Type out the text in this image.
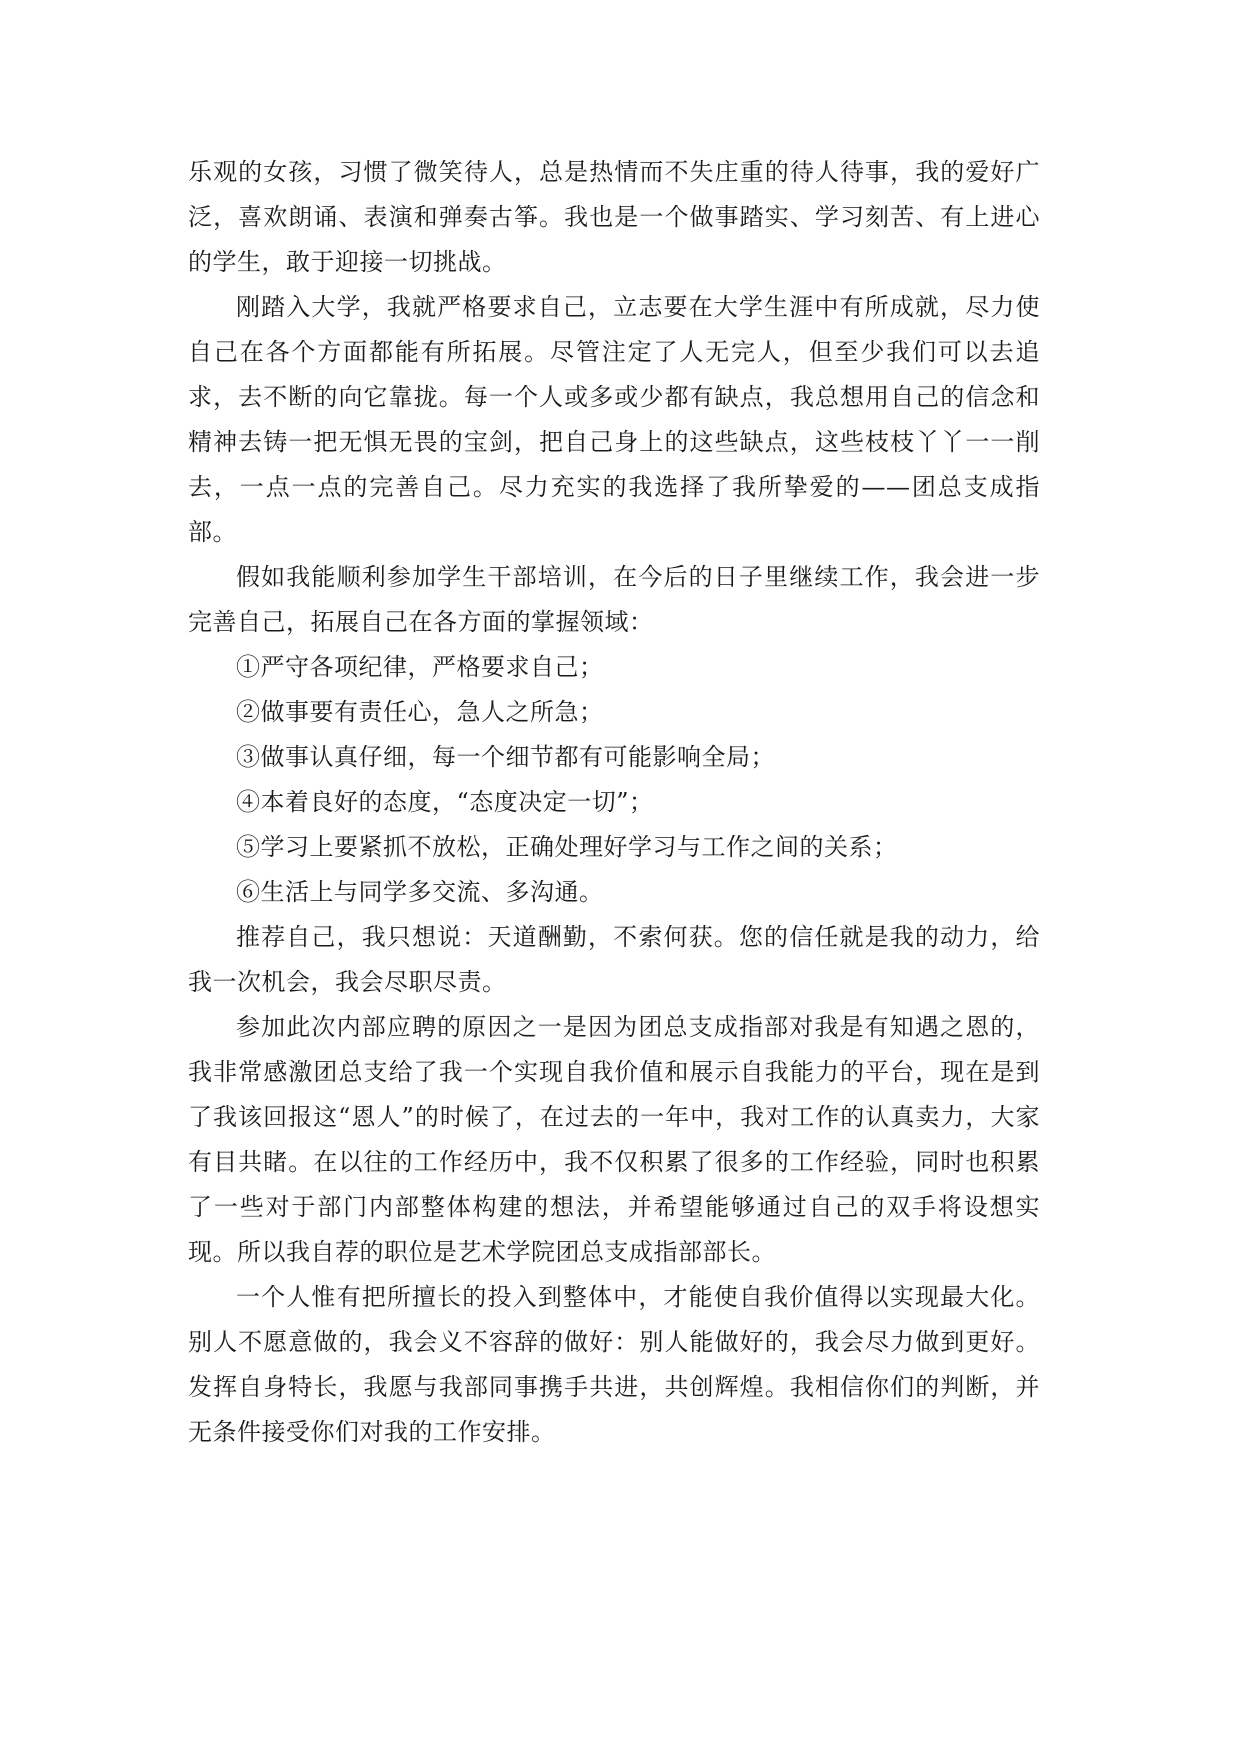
乐观的女孩，习惯了微笑待人，总是热情而不失庄重的待人待事，我的爱好广泛，喜欢朗诵、表演和弹奏古筝。我也是一个做事踏实、学习刻苦、有上进心的学生，敢于迎接一切挑战。

刚踏入大学，我就严格要求自己，立志要在大学生涯中有所成就，尽力使自己在各个方面都能有所拓展。尽管注定了人无完人，但至少我们可以去追求，去不断的向它靠拢。每一个人或多或少都有缺点，我总想用自己的信念和精神去铸一把无惧无畏的宝剑，把自己身上的这些缺点，这些枝枝丫丫一一削去，一点一点的完善自己。尽力充实的我选择了我所挚爱的——团总支成指部。

假如我能顺利参加学生干部培训，在今后的日子里继续工作，我会进一步完善自己，拓展自己在各方面的掌握领域：

①严守各项纪律，严格要求自己；

②做事要有责任心，急人之所急；

③做事认真仔细，每一个细节都有可能影响全局；

④本着良好的态度，“态度决定一切”；

⑤学习上要紧抓不放松，正确处理好学习与工作之间的关系；

⑥生活上与同学多交流、多沟通。

推荐自己，我只想说：天道酬勤，不索何获。您的信任就是我的动力，给我一次机会，我会尽职尽责。

参加此次内部应聘的原因之一是因为团总支成指部对我是有知遇之恩的，我非常感激团总支给了我一个实现自我价值和展示自我能力的平台，现在是到了我该回报这“恩人”的时候了，在过去的一年中，我对工作的认真卖力，大家有目共睹。在以往的工作经历中，我不仅积累了很多的工作经验，同时也积累了一些对于部门内部整体构建的想法，并希望能够通过自己的双手将设想实现。所以我自荐的职位是艺术学院团总支成指部部长。

一个人惟有把所擅长的投入到整体中，才能使自我价值得以实现最大化。别人不愿意做的，我会义不容辞的做好：别人能做好的，我会尽力做到更好。发挥自身特长，我愿与我部同事携手共进，共创辉煌。我相信你们的判断，并无条件接受你们对我的工作安排。
